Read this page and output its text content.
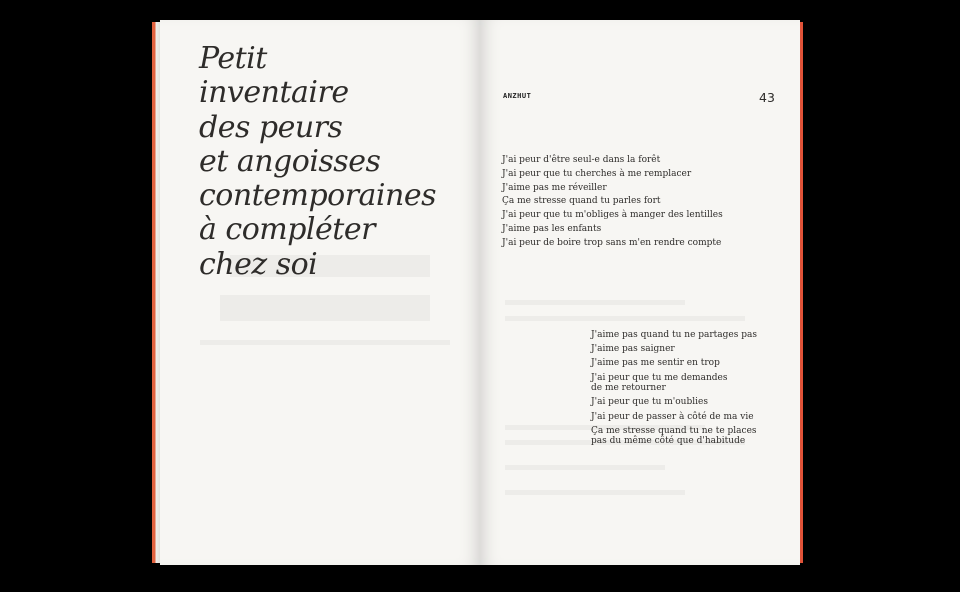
Petit
inventaire
des peurs
et angoisses
contemporaines
à compléter
chez soi
ANZHUT	43
J'ai peur d'être seul-e dans la forêt
J'ai peur que tu cherches à me remplacer
J'aime pas me réveiller
Ça me stresse quand tu parles fort
J'ai peur que tu m'obliges à manger des lentilles
J'aime pas les enfants
J'ai peur de boire trop sans m'en rendre compte
J'aime pas quand tu ne partages pas
J'aime pas saigner
J'aime pas me sentir en trop
J'ai peur que tu me demandes
de me retourner
J'ai peur que tu m'oublies
J'ai peur de passer à côté de ma vie
Ça me stresse quand tu ne te places
pas du même côté que d'habitude
